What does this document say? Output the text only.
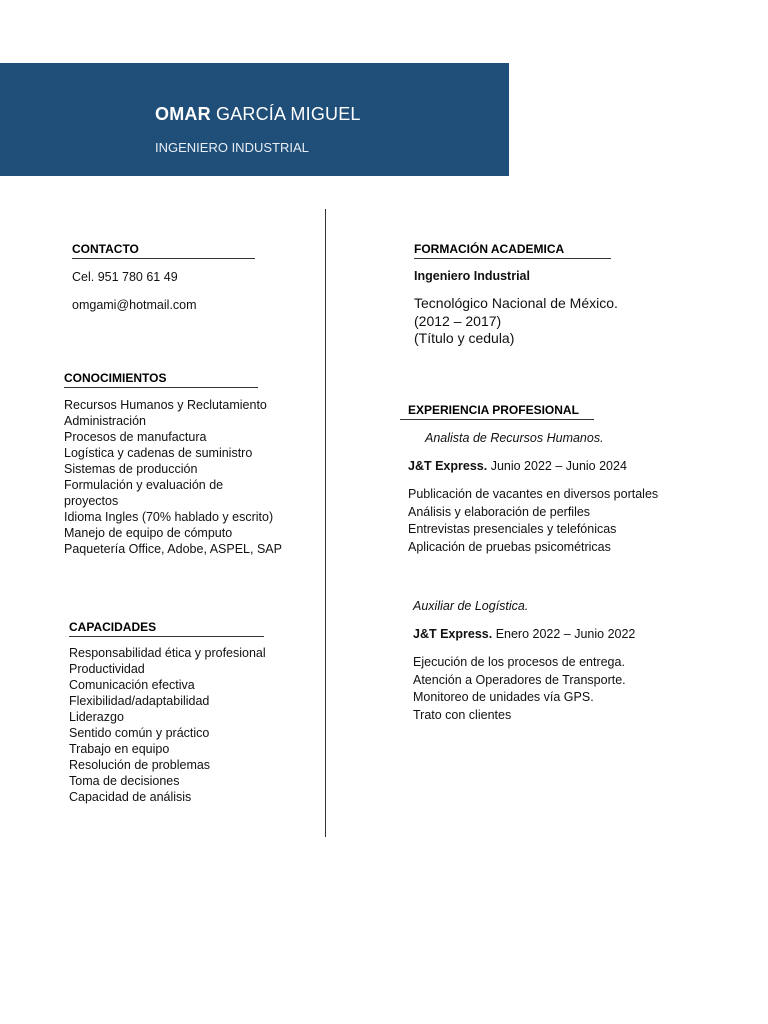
OMAR GARCÍA MIGUEL
INGENIERO INDUSTRIAL
CONTACTO
Cel. 951 780 61 49
omgami@hotmail.com
CONOCIMIENTOS
Recursos Humanos y Reclutamiento
Administración
Procesos de manufactura
Logística y cadenas de suministro
Sistemas de producción
Formulación y evaluación de
proyectos
Idioma Ingles (70% hablado y escrito)
Manejo de equipo de cómputo
Paquetería Office, Adobe, ASPEL, SAP
CAPACIDADES
Responsabilidad ética y profesional
Productividad
Comunicación efectiva
Flexibilidad/adaptabilidad
Liderazgo
Sentido común y práctico
Trabajo en equipo
Resolución de problemas
Toma de decisiones
Capacidad de análisis
FORMACIÓN ACADEMICA
Ingeniero Industrial
Tecnológico Nacional de México.
(2012 – 2017)
(Título y cedula)
EXPERIENCIA PROFESIONAL
Analista de Recursos Humanos.
J&T Express. Junio 2022 – Junio 2024
Publicación de vacantes en diversos portales
Análisis y elaboración de perfiles
Entrevistas presenciales y telefónicas
Aplicación de pruebas psicométricas
Auxiliar de Logística.
J&T Express. Enero 2022 – Junio 2022
Ejecución de los procesos de entrega.
Atención a Operadores de Transporte.
Monitoreo de unidades vía GPS.
Trato con clientes
